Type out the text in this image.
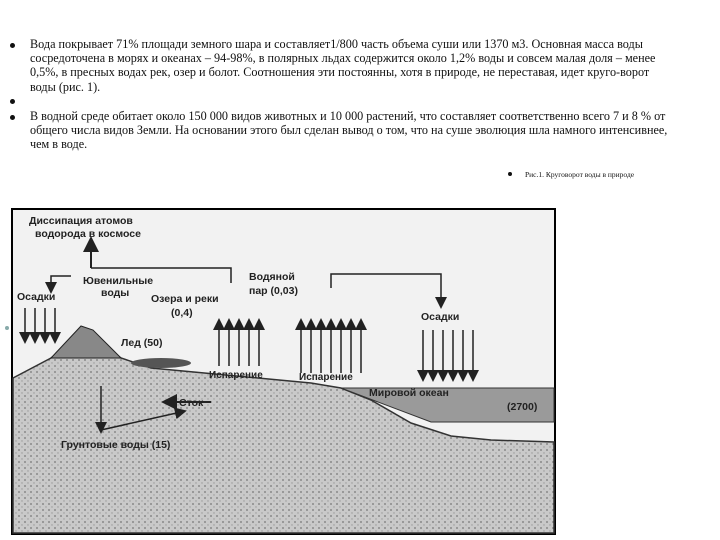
Вода покрывает 71% площади земного шара и составляет1/800 часть объема суши или 1370 м3. Основная масса воды сосредоточена в морях и океанах – 94-98%, в полярных льдах содержится около 1,2% воды и совсем малая доля – менее 0,5%, в пресных водах рек, озер и болот. Соотношения эти постоянны, хотя в природе, не переставая, идет круго-ворот воды (рис. 1).

В водной среде обитает около 150 000 видов животных и 10 000 растений, что составляет соответственно всего 7 и 8 % от общего числа видов Земли. На основании этого был сделан вывод о том, что на суше эволюция шла намного интенсивнее, чем в воде.

Рис.1. Круговорот воды в природе
Диссипация атомов
водорода в космосе
Ювенильные
воды
Осадки
Водяной
пар (0,03)
Озера и реки
(0,4)
Лед (50)
Испарение	Испарение
Осадки
Сток
Мировой океан
(2700)
Грунтовые воды (15)
